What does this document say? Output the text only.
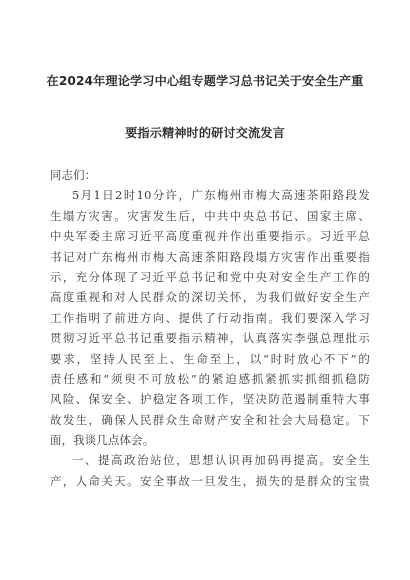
在2024年理论学习中心组专题学习总书记关于安全生产重
要指示精神时的研讨交流发言
同志们：
5月1日2时10分许，广东梅州市梅大高速茶阳路段发
生塌方灾害。灾害发生后，中共中央总书记、国家主席、
中央军委主席习近平高度重视并作出重要指示。习近平总
书记对广东梅州市梅大高速茶阳路段塌方灾害作出重要指
示，充分体现了习近平总书记和党中央对安全生产工作的
高度重视和对人民群众的深切关怀，为我们做好安全生产
工作指明了前进方向、提供了行动指南。我们要深入学习
贯彻习近平总书记重要指示精神，认真落实李强总理批示
要求，坚持人民至上、生命至上，以“时时放心不下”的
责任感和“须臾不可放松”的紧迫感抓紧抓实抓细抓稳防
风险、保安全、护稳定各项工作，坚决防范遏制重特大事
故发生，确保人民群众生命财产安全和社会大局稳定。下
面，我谈几点体会。
一、提高政治站位，思想认识再加码再提高。安全生
产，人命关天。安全事故一旦发生，损失的是群众的宝贵
